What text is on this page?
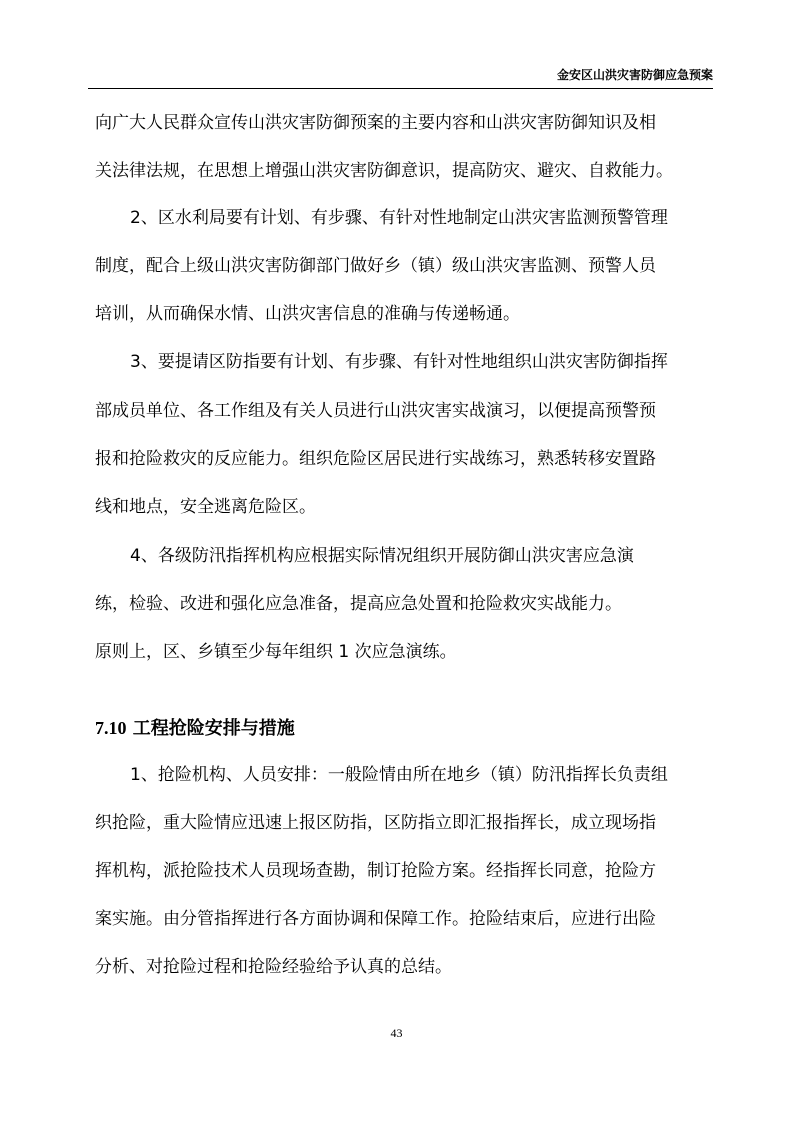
金安区山洪灾害防御应急预案
向广大人民群众宣传山洪灾害防御预案的主要内容和山洪灾害防御知识及相
关法律法规，在思想上增强山洪灾害防御意识，提高防灾、避灾、自救能力。
2、区水利局要有计划、有步骤、有针对性地制定山洪灾害监测预警管理
制度，配合上级山洪灾害防御部门做好乡（镇）级山洪灾害监测、预警人员
培训，从而确保水情、山洪灾害信息的准确与传递畅通。
3、要提请区防指要有计划、有步骤、有针对性地组织山洪灾害防御指挥
部成员单位、各工作组及有关人员进行山洪灾害实战演习，以便提高预警预
报和抢险救灾的反应能力。组织危险区居民进行实战练习，熟悉转移安置路
线和地点，安全逃离危险区。
4、各级防汛指挥机构应根据实际情况组织开展防御山洪灾害应急演
练，检验、改进和强化应急准备，提高应急处置和抢险救灾实战能力。
原则上，区、乡镇至少每年组织 1 次应急演练。
7.10 工程抢险安排与措施
1、抢险机构、人员安排：一般险情由所在地乡（镇）防汛指挥长负责组
织抢险，重大险情应迅速上报区防指，区防指立即汇报指挥长，成立现场指
挥机构，派抢险技术人员现场查勘，制订抢险方案。经指挥长同意，抢险方
案实施。由分管指挥进行各方面协调和保障工作。抢险结束后，应进行出险
分析、对抢险过程和抢险经验给予认真的总结。
43
